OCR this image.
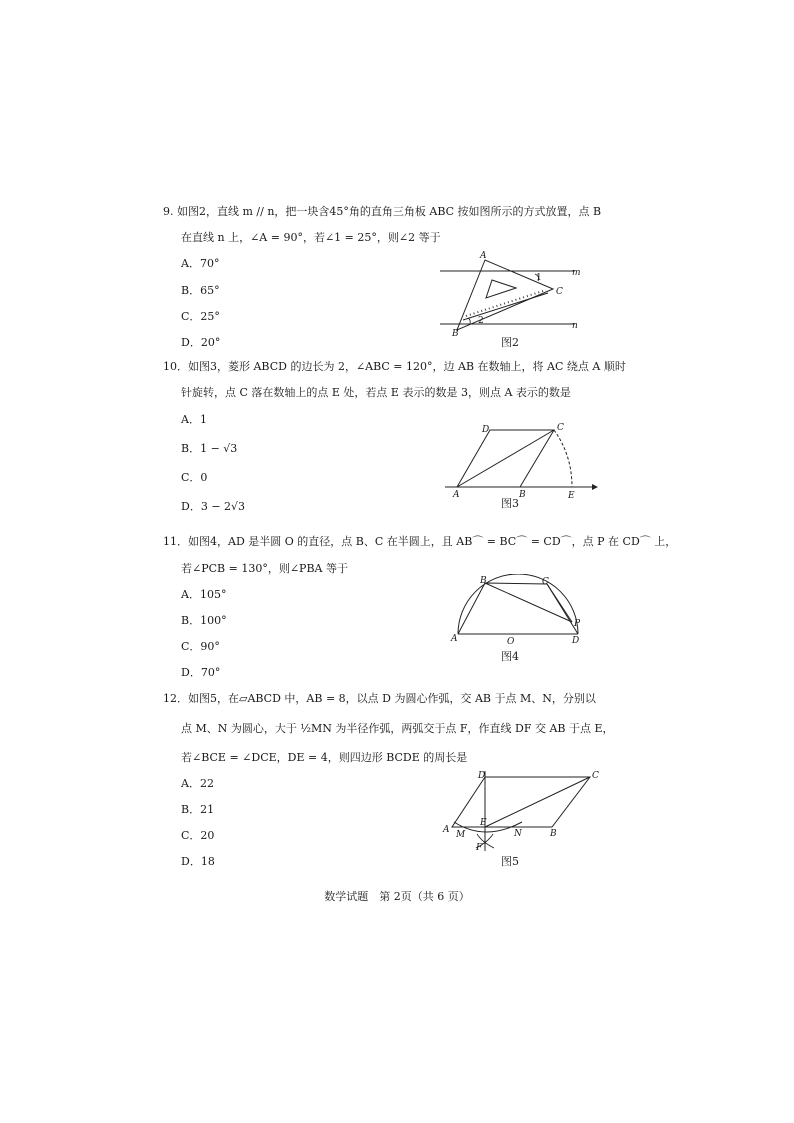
9. 如图2，直线 m // n，把一块含45°角的直角三角板 ABC 按如图所示的方式放置，点 B
在直线 n 上，∠A = 90°，若∠1 = 25°，则∠2 等于
A．70°
B．65°
C．25°
D．20°
A
B
C
m
n
1
2
图2
10．如图3，菱形 ABCD 的边长为 2，∠ABC = 120°，边 AB 在数轴上，将 AC 绕点 A 顺时
针旋转，点 C 落在数轴上的点 E 处，若点 E 表示的数是 3，则点 A 表示的数是
A．1
B．1 − √3
C．0
D．3 − 2√3
A	B
C
D
E
图3
11．如图4，AD 是半圆 O 的直径，点 B、C 在半圆上，且 AB⌒ = BC⌒ = CD⌒，点 P 在 CD⌒ 上，
若∠PCB = 130°，则∠PBA 等于
A．105°
B．100°
C．90°
D．70°
A
B	C
D
O
P
图4
12．如图5，在▱ABCD 中，AB = 8，以点 D 为圆心作弧，交 AB 于点 M、N，分别以
点 M、N 为圆心，大于 ½MN 为半径作弧，两弧交于点 F，作直线 DF 交 AB 于点 E，
若∠BCE = ∠DCE，DE = 4，则四边形 BCDE 的周长是
A．22
B．21
C．20
D．18
A	B
C
D
E
F
M	N
图5
数学试题　第 2页（共 6 页）
